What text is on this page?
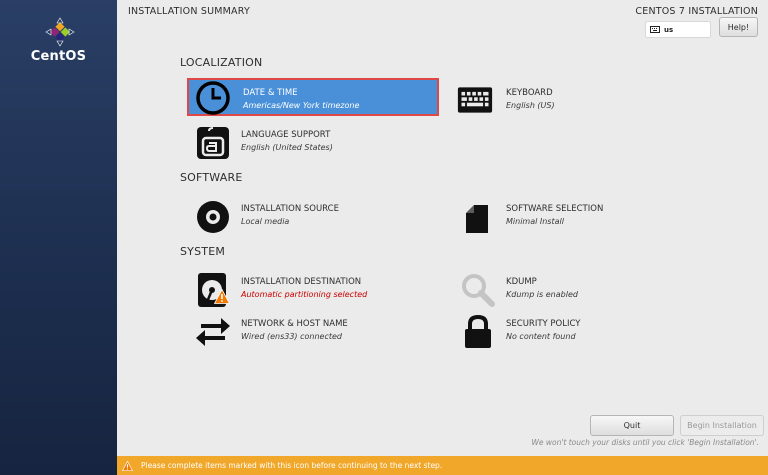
CentOS
INSTALLATION SUMMARY	CENTOS 7 INSTALLATION
us	Help!
LOCALIZATION
DATE & TIME
Americas/New York timezone
KEYBOARD
English (US)
LANGUAGE SUPPORT
English (United States)
SOFTWARE
INSTALLATION SOURCE
Local media
SOFTWARE SELECTION
Minimal Install
SYSTEM
INSTALLATION DESTINATION
Automatic partitioning selected
KDUMP
Kdump is enabled
NETWORK & HOST NAME
Wired (ens33) connected
SECURITY POLICY
No content found
Quit	Begin Installation
We won't touch your disks until you click 'Begin Installation'.
Please complete items marked with this icon before continuing to the next step.
